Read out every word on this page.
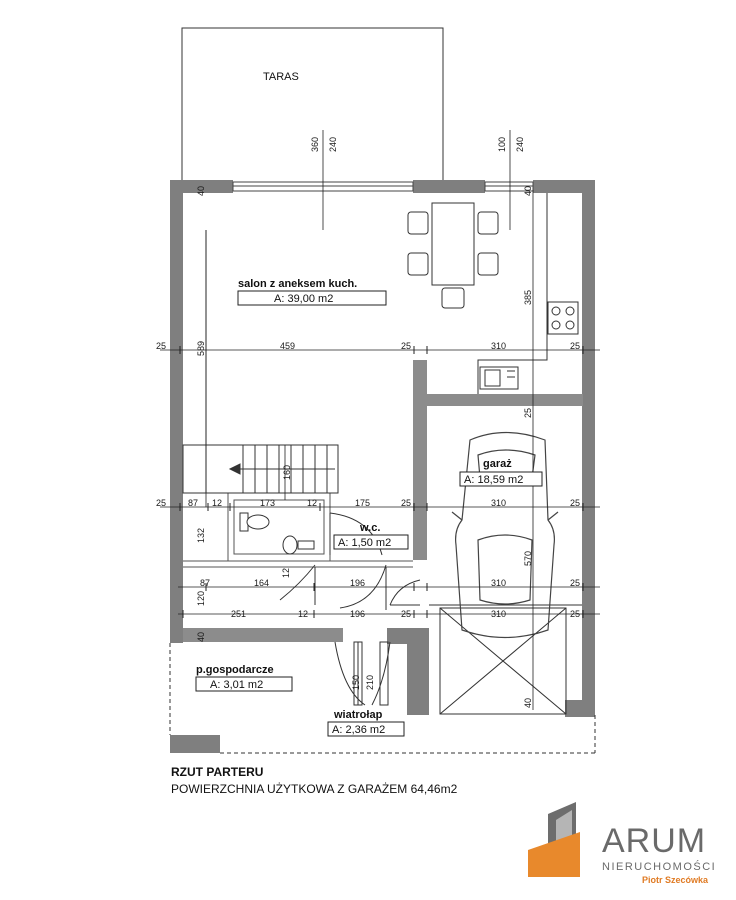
TARAS
salon z aneksem kuch.
A: 39,00 m2
garaż
A: 18,59 m2
w.c.
A: 1,50 m2
p.gospodarcze
A: 3,01 m2
wiatrołap
A: 2,36 m2
360 240	100 240
40	40
589
385
25
160
132
120
570
40
40
150 210
12
25	459	25	310	25
25 87 12	173	12	175	25	310	25
87	164	196	310	25
251	12	196	25	310	25
RZUT PARTERU
POWIERZCHNIA UŻYTKOWA Z GARAŻEM 64,46m2
ARUM
NIERUCHOMOŚCI
Piotr Szecówka
